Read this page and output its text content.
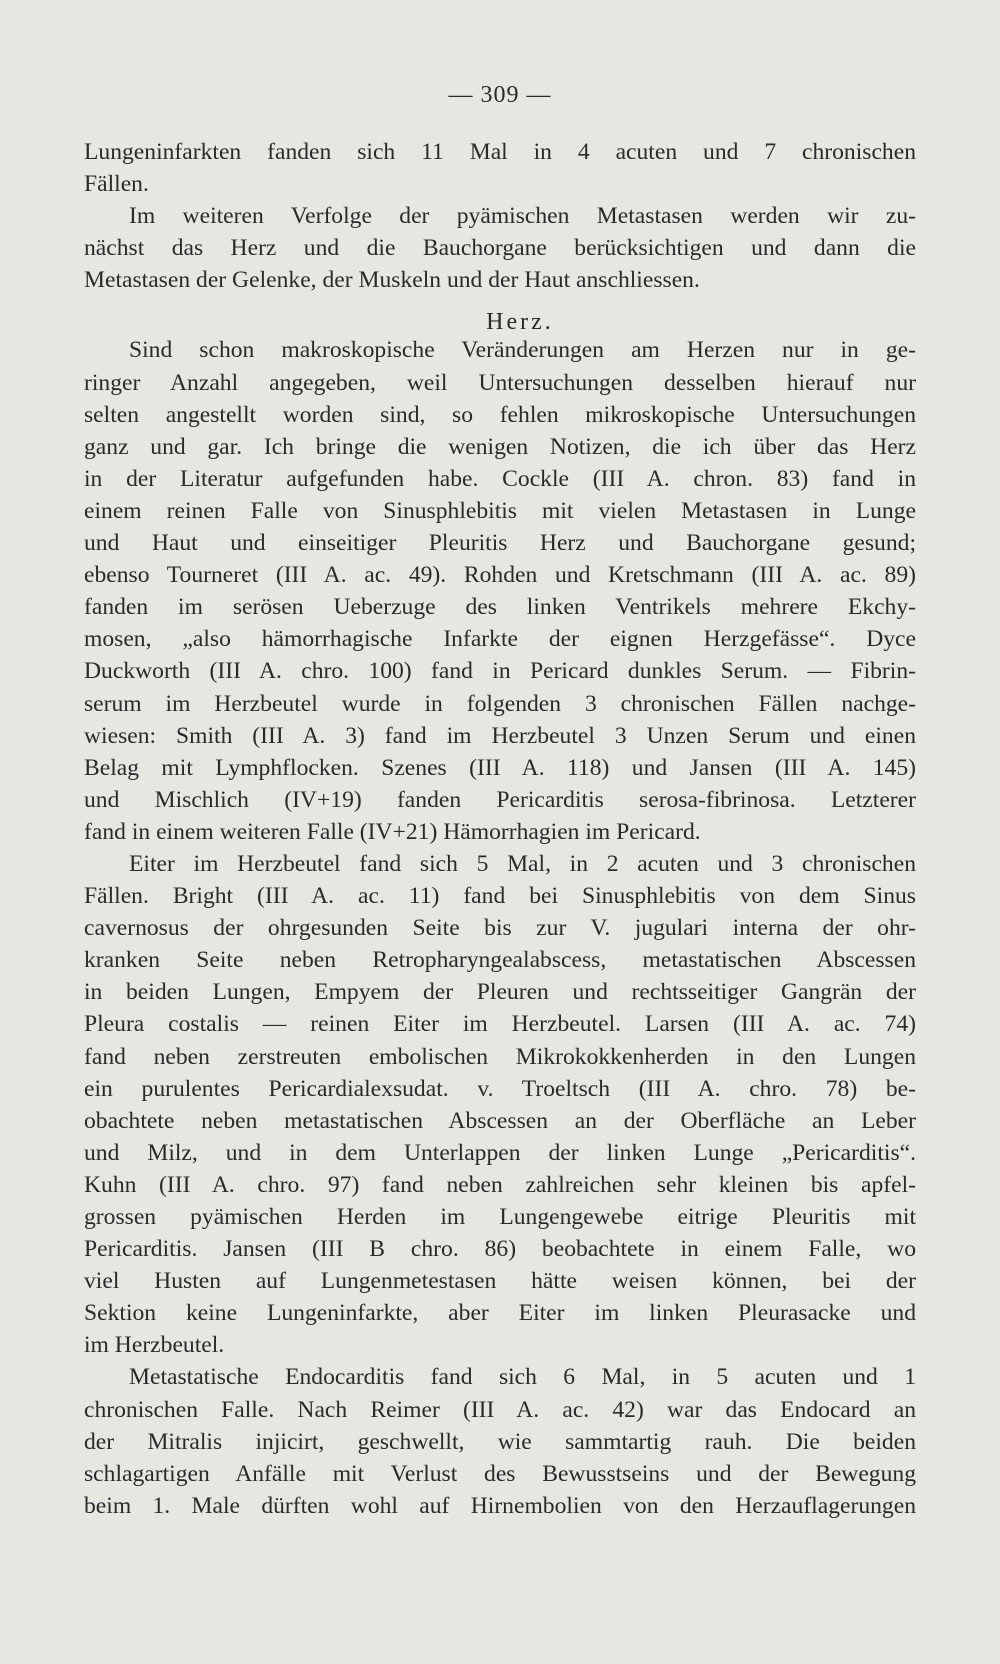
— 309 —
Lungeninfarkten fanden sich 11 Mal in 4 acuten und 7 chronischen
Fällen.
Im weiteren Verfolge der pyämischen Metastasen werden wir zu-
nächst das Herz und die Bauchorgane berücksichtigen und dann die
Metastasen der Gelenke, der Muskeln und der Haut anschliessen.
Herz.
Sind schon makroskopische Veränderungen am Herzen nur in ge-
ringer Anzahl angegeben, weil Untersuchungen desselben hierauf nur
selten angestellt worden sind, so fehlen mikroskopische Untersuchungen
ganz und gar. Ich bringe die wenigen Notizen, die ich über das Herz
in der Literatur aufgefunden habe. Cockle (III A. chron. 83) fand in
einem reinen Falle von Sinusphlebitis mit vielen Metastasen in Lunge
und Haut und einseitiger Pleuritis Herz und Bauchorgane gesund;
ebenso Tourneret (III A. ac. 49). Rohden und Kretschmann (III A. ac. 89)
fanden im serösen Ueberzuge des linken Ventrikels mehrere Ekchy-
mosen, „also hämorrhagische Infarkte der eignen Herzgefässe“. Dyce
Duckworth (III A. chro. 100) fand in Pericard dunkles Serum. — Fibrin-
serum im Herzbeutel wurde in folgenden 3 chronischen Fällen nachge-
wiesen: Smith (III A. 3) fand im Herzbeutel 3 Unzen Serum und einen
Belag mit Lymphflocken. Szenes (III A. 118) und Jansen (III A. 145)
und Mischlich (IV+19) fanden Pericarditis serosa-fibrinosa. Letzterer
fand in einem weiteren Falle (IV+21) Hämorrhagien im Pericard.
Eiter im Herzbeutel fand sich 5 Mal, in 2 acuten und 3 chronischen
Fällen. Bright (III A. ac. 11) fand bei Sinusphlebitis von dem Sinus
cavernosus der ohrgesunden Seite bis zur V. jugulari interna der ohr-
kranken Seite neben Retropharyngealabscess, metastatischen Abscessen
in beiden Lungen, Empyem der Pleuren und rechtsseitiger Gangrän der
Pleura costalis — reinen Eiter im Herzbeutel. Larsen (III A. ac. 74)
fand neben zerstreuten embolischen Mikrokokkenherden in den Lungen
ein purulentes Pericardialexsudat. v. Troeltsch (III A. chro. 78) be-
obachtete neben metastatischen Abscessen an der Oberfläche an Leber
und Milz, und in dem Unterlappen der linken Lunge „Pericarditis“.
Kuhn (III A. chro. 97) fand neben zahlreichen sehr kleinen bis apfel-
grossen pyämischen Herden im Lungengewebe eitrige Pleuritis mit
Pericarditis. Jansen (III B chro. 86) beobachtete in einem Falle, wo
viel Husten auf Lungenmetestasen hätte weisen können, bei der
Sektion keine Lungeninfarkte, aber Eiter im linken Pleurasacke und
im Herzbeutel.
Metastatische Endocarditis fand sich 6 Mal, in 5 acuten und 1
chronischen Falle. Nach Reimer (III A. ac. 42) war das Endocard an
der Mitralis injicirt, geschwellt, wie sammtartig rauh. Die beiden
schlagartigen Anfälle mit Verlust des Bewusstseins und der Bewegung
beim 1. Male dürften wohl auf Hirnembolien von den Herzauflagerungen
